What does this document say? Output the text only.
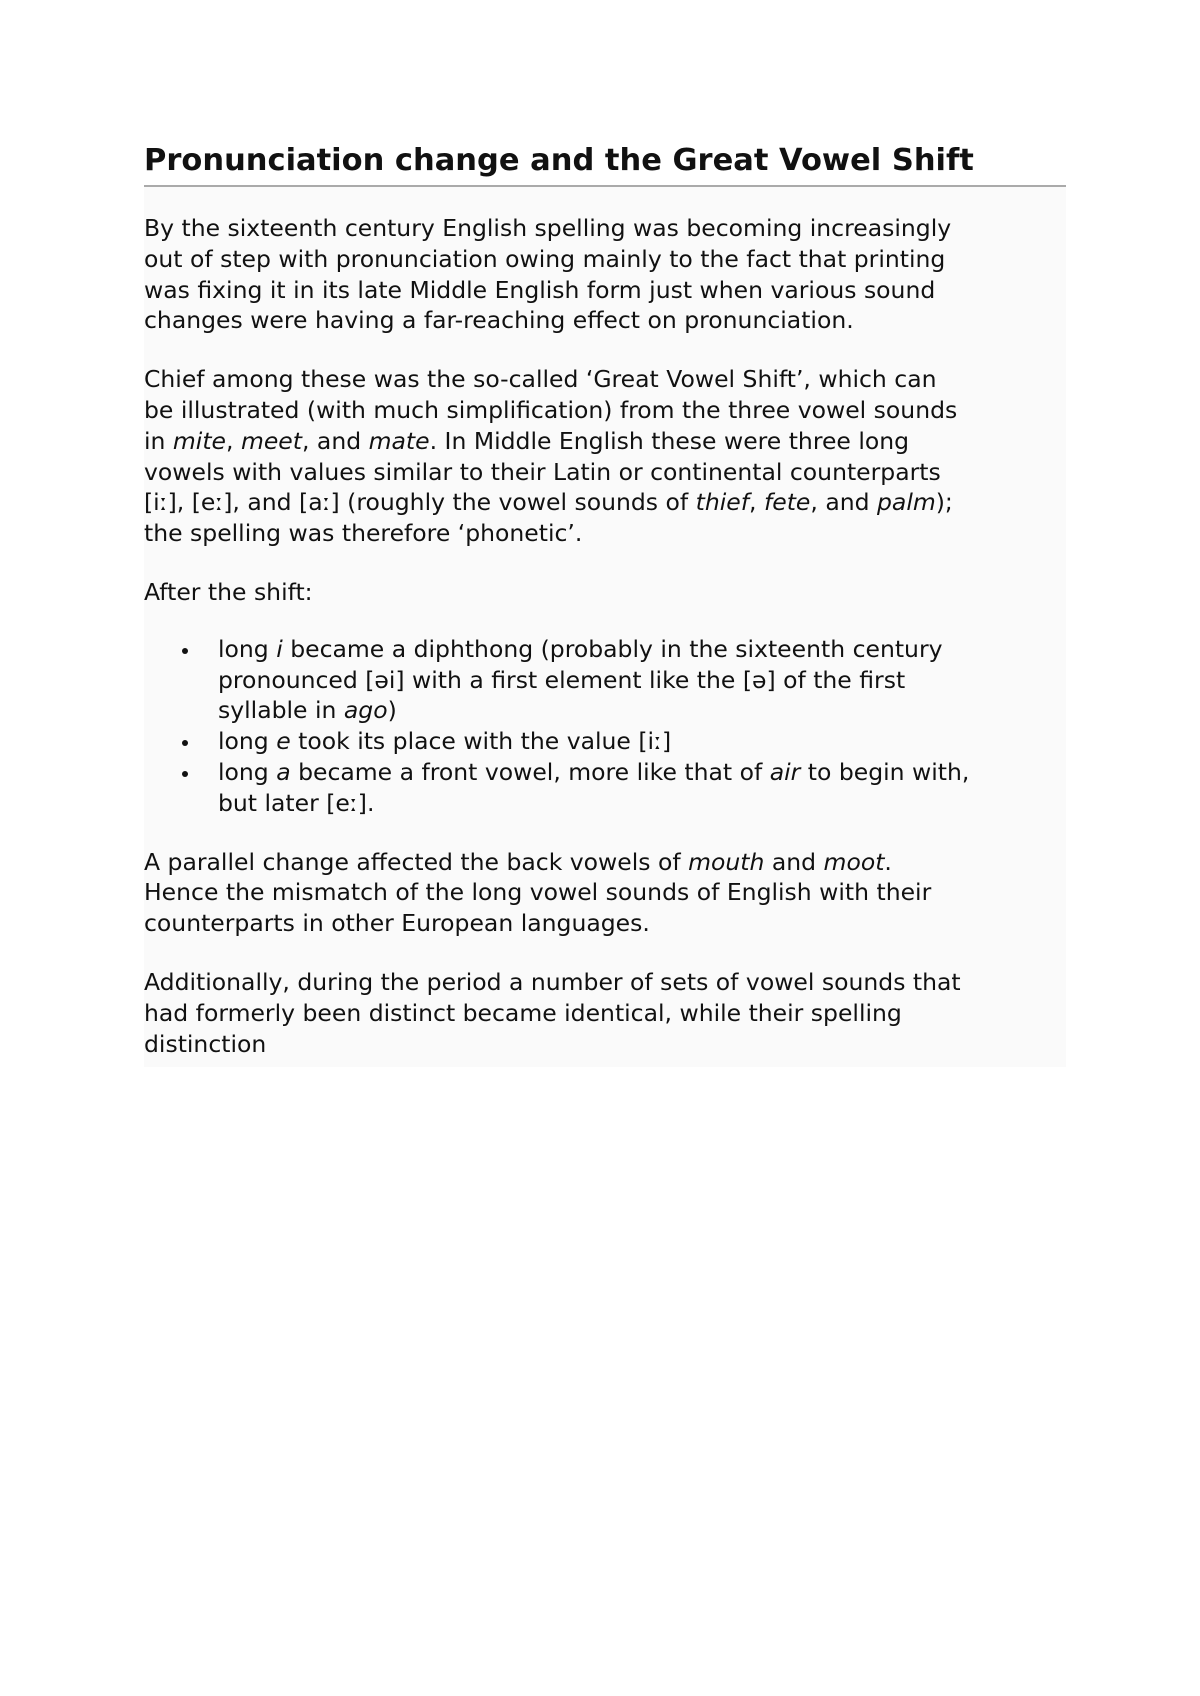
Pronunciation change and the Great Vowel Shift

By the sixteenth century English spelling was becoming increasingly
out of step with pronunciation owing mainly to the fact that printing
was fixing it in its late Middle English form just when various sound
changes were having a far-reaching effect on pronunciation.

Chief among these was the so-called ‘Great Vowel Shift’, which can
be illustrated (with much simplification) from the three vowel sounds
in mite, meet, and mate. In Middle English these were three long
vowels with values similar to their Latin or continental counterparts
[iː], [eː], and [aː] (roughly the vowel sounds of thief, fete, and palm);
the spelling was therefore ‘phonetic’.

After the shift:

long i became a diphthong (probably in the sixteenth century
pronounced [əi] with a first element like the [ə] of the first
syllable in ago)
long e took its place with the value [iː]
long a became a front vowel, more like that of air to begin with,
but later [eː].

A parallel change affected the back vowels of mouth and moot.
Hence the mismatch of the long vowel sounds of English with their
counterparts in other European languages.

Additionally, during the period a number of sets of vowel sounds that
had formerly been distinct became identical, while their spelling
distinction
